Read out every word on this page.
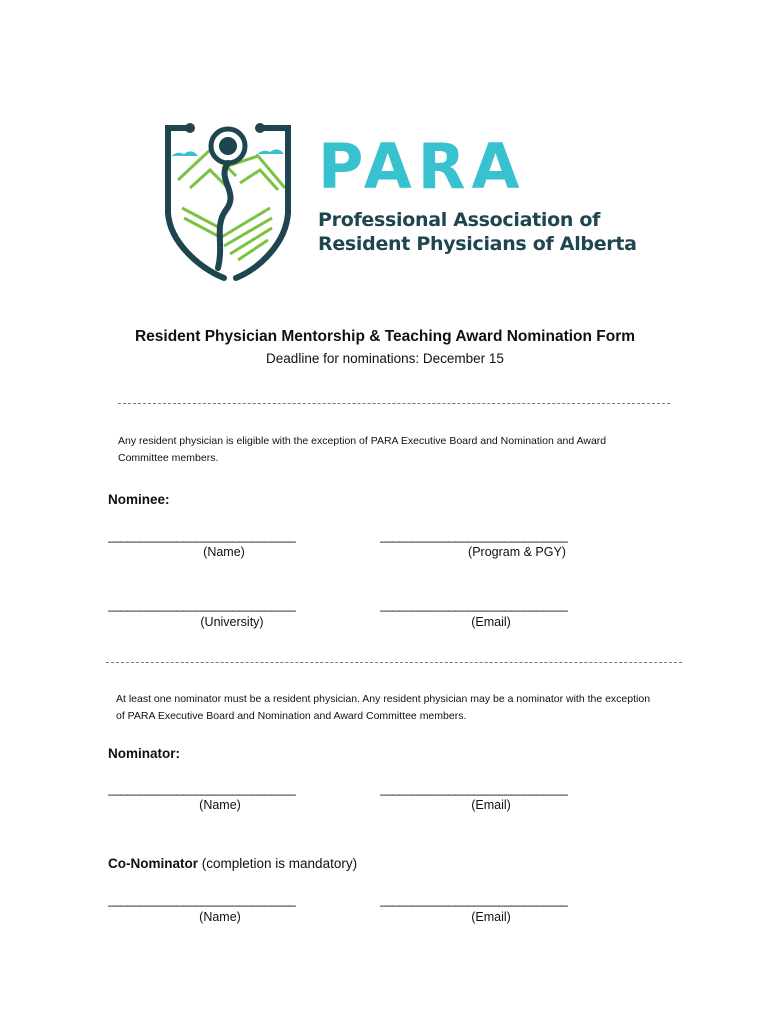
PARA
Professional Association of
Resident Physicians of Alberta
Resident Physician Mentorship & Teaching Award Nomination Form
Deadline for nominations: December 15
Any resident physician is eligible with the exception of PARA Executive Board and Nomination and Award
Committee members.
Nominee:
______________________________
(Name)
______________________________
(Program & PGY)
______________________________
(University)
______________________________
(Email)
At least one nominator must be a resident physician. Any resident physician may be a nominator with the exception
of PARA Executive Board and Nomination and Award Committee members.
Nominator:
______________________________
(Name)
______________________________
(Email)
Co-Nominator (completion is mandatory)
______________________________
(Name)
______________________________
(Email)
